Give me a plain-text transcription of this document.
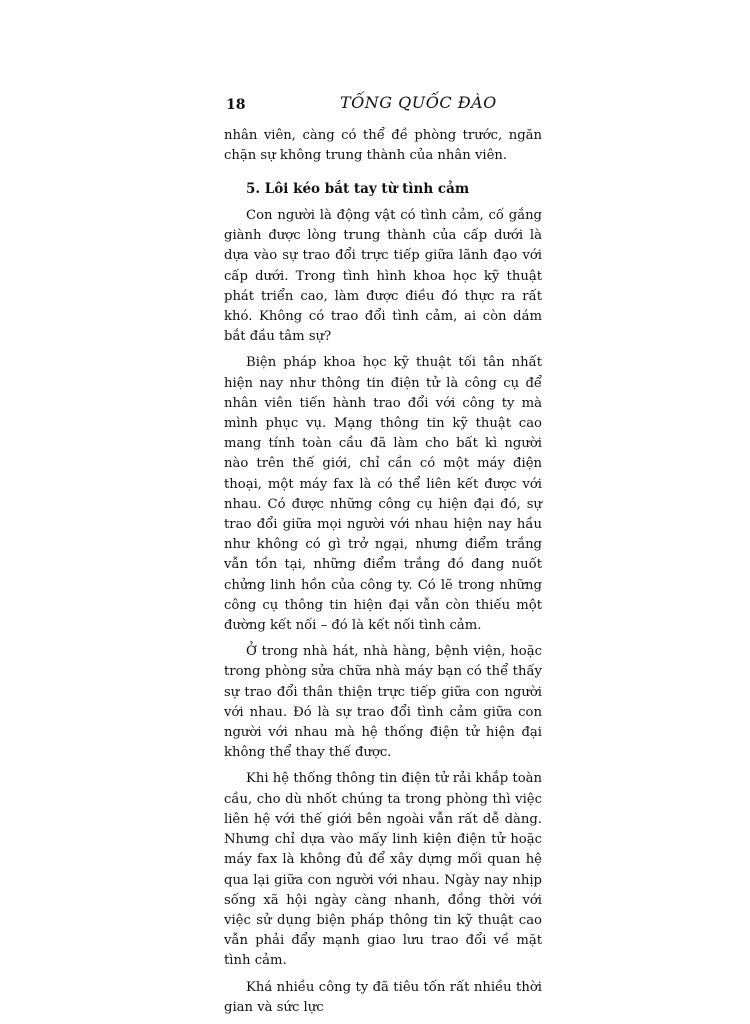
18	TỐNG QUỐC ĐÀO

nhân viên, càng có thể đề phòng trước, ngăn chặn sự không trung thành của nhân viên.

5. Lôi kéo bắt tay từ tình cảm

Con người là động vật có tình cảm, cố gắng giành được lòng trung thành của cấp dưới là dựa vào sự trao đổi trực tiếp giữa lãnh đạo với cấp dưới. Trong tình hình khoa học kỹ thuật phát triển cao, làm được điều đó thực ra rất khó. Không có trao đổi tình cảm, ai còn dám bắt đầu tâm sự?

Biện pháp khoa học kỹ thuật tối tân nhất hiện nay như thông tin điện tử là công cụ để nhân viên tiến hành trao đổi với công ty mà mình phục vụ. Mạng thông tin kỹ thuật cao mang tính toàn cầu đã làm cho bất kì người nào trên thế giới, chỉ cần có một máy điện thoại, một máy fax là có thể liên kết được với nhau. Có được những công cụ hiện đại đó, sự trao đổi giữa mọi người với nhau hiện nay hầu như không có gì trở ngại, nhưng điểm trắng vẫn tồn tại, những điểm trắng đó đang nuốt chửng linh hồn của công ty. Có lẽ trong những công cụ thông tin hiện đại vẫn còn thiếu một đường kết nối – đó là kết nối tình cảm.

Ở trong nhà hát, nhà hàng, bệnh viện, hoặc trong phòng sửa chữa nhà máy bạn có thể thấy sự trao đổi thân thiện trực tiếp giữa con người với nhau. Đó là sự trao đổi tình cảm giữa con người với nhau mà hệ thống điện tử hiện đại không thể thay thế được.

Khi hệ thống thông tin điện tử rải khắp toàn cầu, cho dù nhốt chúng ta trong phòng thì việc liên hệ với thế giới bên ngoài vẫn rất dễ dàng. Nhưng chỉ dựa vào mấy linh kiện điện tử hoặc máy fax là không đủ để xây dựng mối quan hệ qua lại giữa con người với nhau. Ngày nay nhịp sống xã hội ngày càng nhanh, đồng thời với việc sử dụng biện pháp thông tin kỹ thuật cao vẫn phải đẩy mạnh giao lưu trao đổi về mặt tình cảm.

Khá nhiều công ty đã tiêu tốn rất nhiều thời gian và sức lực
